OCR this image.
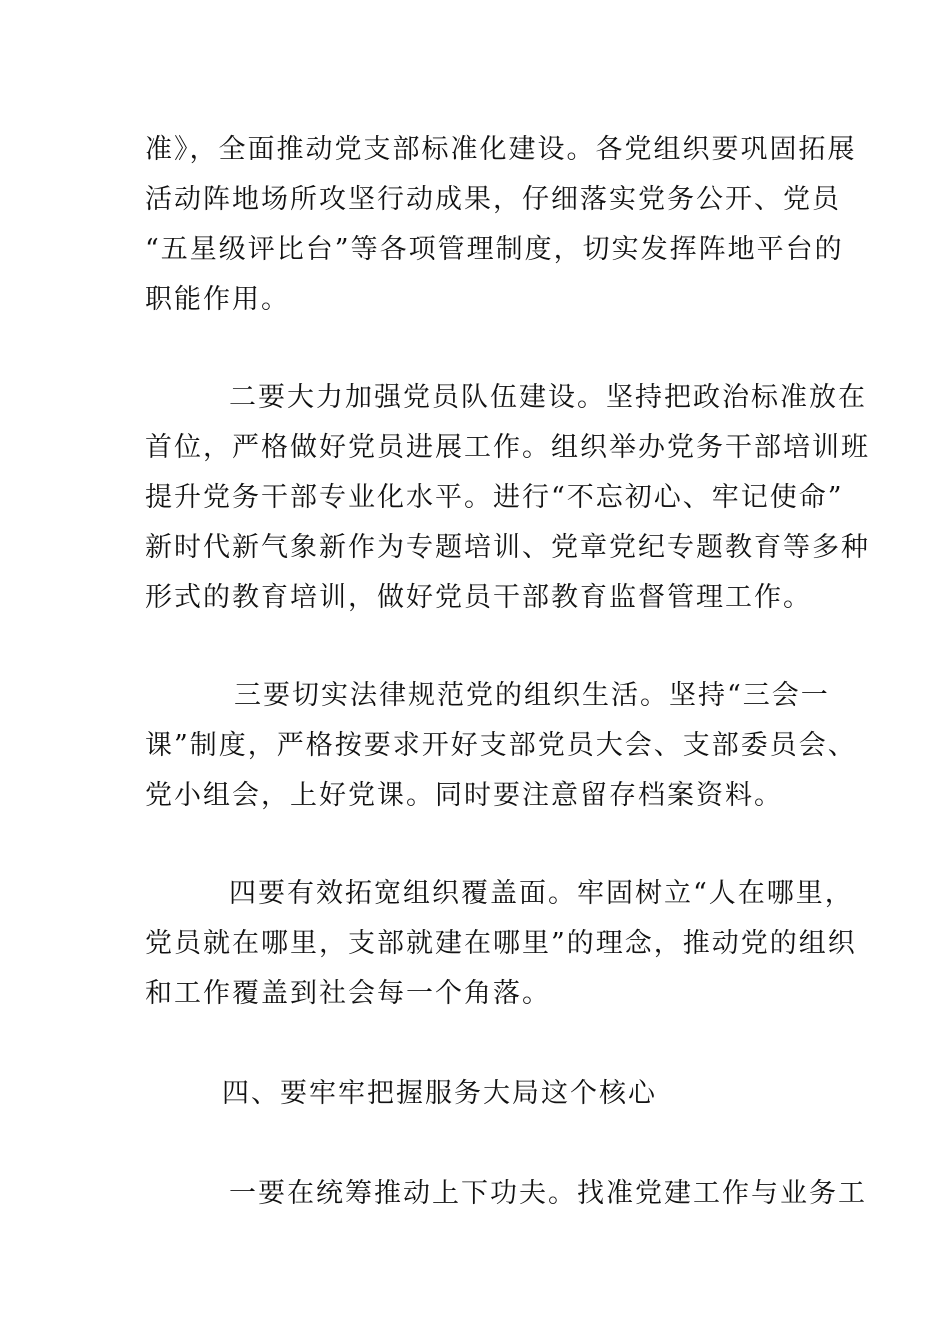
准》，全面推动党支部标准化建设。各党组织要巩固拓展
活动阵地场所攻坚行动成果，仔细落实党务公开、党员
“五星级评比台”等各项管理制度，切实发挥阵地平台的
职能作用。
二要大力加强党员队伍建设。坚持把政治标准放在
首位，严格做好党员进展工作。组织举办党务干部培训班
提升党务干部专业化水平。进行“不忘初心、牢记使命”
新时代新气象新作为专题培训、党章党纪专题教育等多种
形式的教育培训，做好党员干部教育监督管理工作。
三要切实法律规范党的组织生活。坚持“三会一
课”制度，严格按要求开好支部党员大会、支部委员会、
党小组会，上好党课。同时要注意留存档案资料。
四要有效拓宽组织覆盖面。牢固树立“人在哪里，
党员就在哪里，支部就建在哪里”的理念，推动党的组织
和工作覆盖到社会每一个角落。
四、要牢牢把握服务大局这个核心
一要在统筹推动上下功夫。找准党建工作与业务工
